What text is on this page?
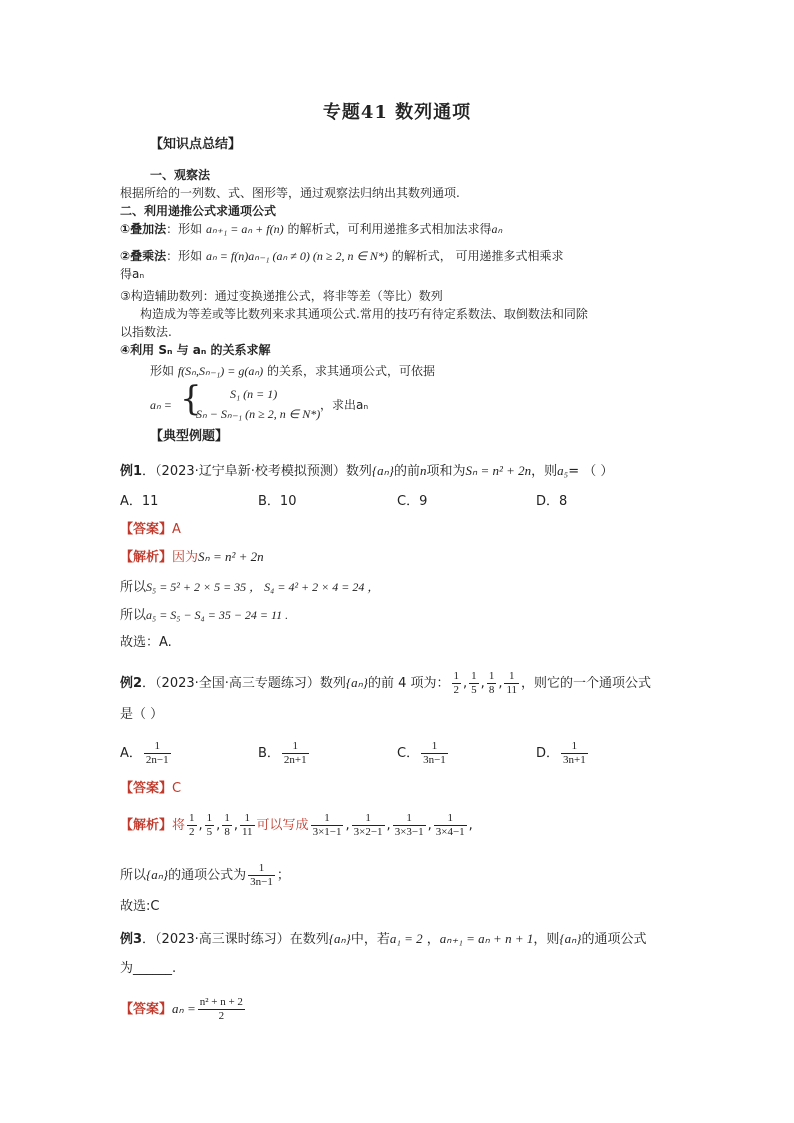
专题41 数列通项
【知识点总结】
一、观察法
根据所给的一列数、式、图形等，通过观察法归纳出其数列通项.
二、利用递推公式求通项公式
①叠加法：形如 aₙ₊₁ = aₙ + f(n) 的解析式，可利用递推多式相加法求得aₙ
②叠乘法：形如 aₙ = f(n)aₙ₋₁ (aₙ ≠ 0) (n ≥ 2, n ∈ N*) 的解析式， 可用递推多式相乘求
得aₙ
③构造辅助数列：通过变换递推公式，将非等差（等比）数列
构造成为等差或等比数列来求其通项公式.常用的技巧有待定系数法、取倒数法和同除
以指数法.
④利用 Sₙ 与 aₙ 的关系求解
形如 f(Sₙ,Sₙ₋₁) = g(aₙ) 的关系，求其通项公式，可依据
aₙ = { S₁ (n = 1)
Sₙ − Sₙ₋₁ (n ≥ 2, n ∈ N*)
，求出aₙ
【典型例题】
例1．（2023·辽宁阜新·校考模拟预测）数列{aₙ}的前n项和为Sₙ = n² + 2n，则a₅= （ ）
A．11	B．10	C．9	D．8
【答案】A
【解析】因为Sₙ = n² + 2n
所以S₅ = 5² + 2 × 5 = 35 ， S₄ = 4² + 2 × 4 = 24 ，
所以a₅ = S₅ − S₄ = 35 − 24 = 11 .
故选：A.
例2．（2023·全国·高三专题练习）数列{aₙ}的前 4 项为： $\frac{1}{2}$ , $\frac{1}{5}$ , $\frac{1}{8}$ , $\frac{1}{11}$ ，则它的一个通项公式
是（ ）
A． $\frac{1}{2n-1}$	B． $\frac{1}{2n+1}$	C． $\frac{1}{3n-1}$	D． $\frac{1}{3n+1}$
【答案】C
【解析】将 $\frac{1}{2}$ , $\frac{1}{5}$ , $\frac{1}{8}$ , $\frac{1}{11}$ 可以写成 $\frac{1}{3\times 1-1}$ , $\frac{1}{3\times 2-1}$ , $\frac{1}{3\times 3-1}$ , $\frac{1}{3\times 4-1}$ ,
所以{aₙ}的通项公式为 $\frac{1}{3n-1}$ ；
故选:C
例3．（2023·高三课时练习）在数列{aₙ}中，若a₁ = 2 ，aₙ₊₁ = aₙ + n + 1，则{aₙ}的通项公式
为______.
【答案】$a_n = \frac{\text{n² + n + 2}}{2}$
